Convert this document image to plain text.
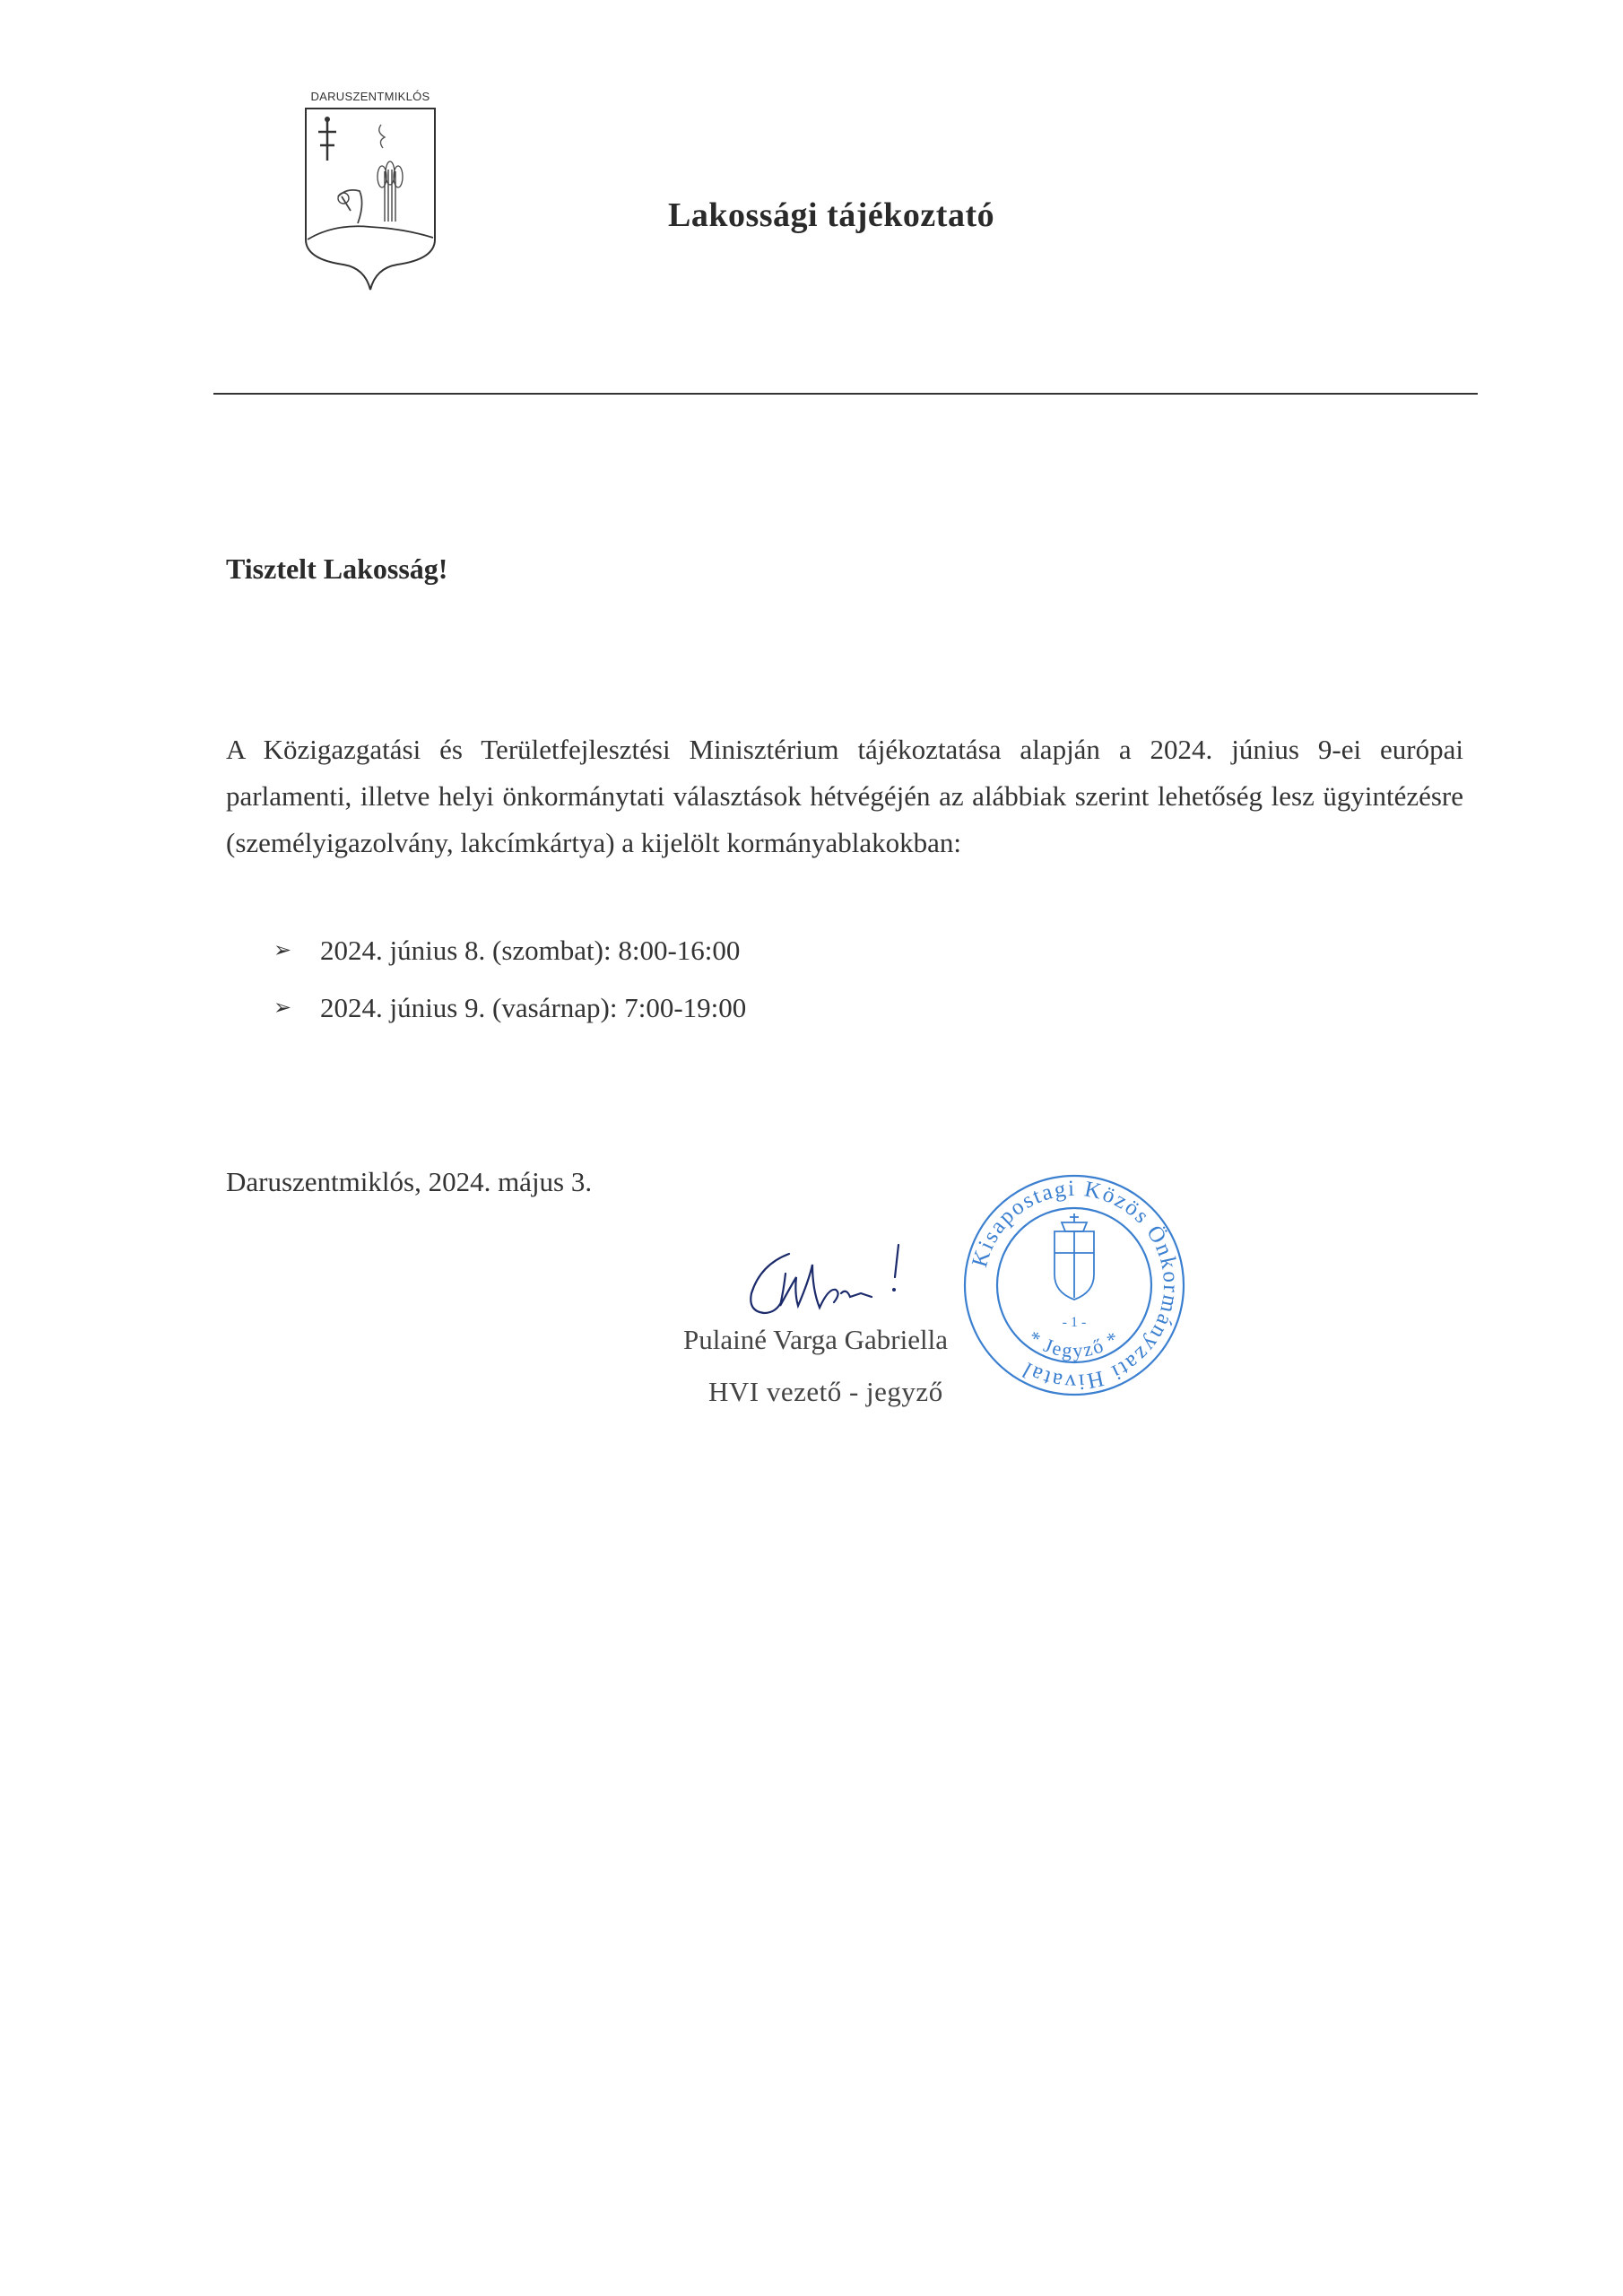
DARUSZENTMIKLÓS
Lakossági tájékoztató
Tisztelt Lakosság!
A Közigazgatási és Területfejlesztési Minisztérium tájékoztatása alapján a 2024. június 9-ei európai parlamenti, illetve helyi önkormánytati választások hétvégéjén az alábbiak szerint lehetőség lesz ügyintézésre (személyigazolvány, lakcímkártya) a kijelölt kormányablakokban:
➢	2024. június 8. (szombat): 8:00-16:00
➢	2024. június 9. (vasárnap): 7:00-19:00
Daruszentmiklós, 2024. május 3.
Pulainé Varga Gabriella
HVI vezető - jegyző
Kisapostagi Közös Önkormányzati Hivatal
* Jegyző *
- 1 -
